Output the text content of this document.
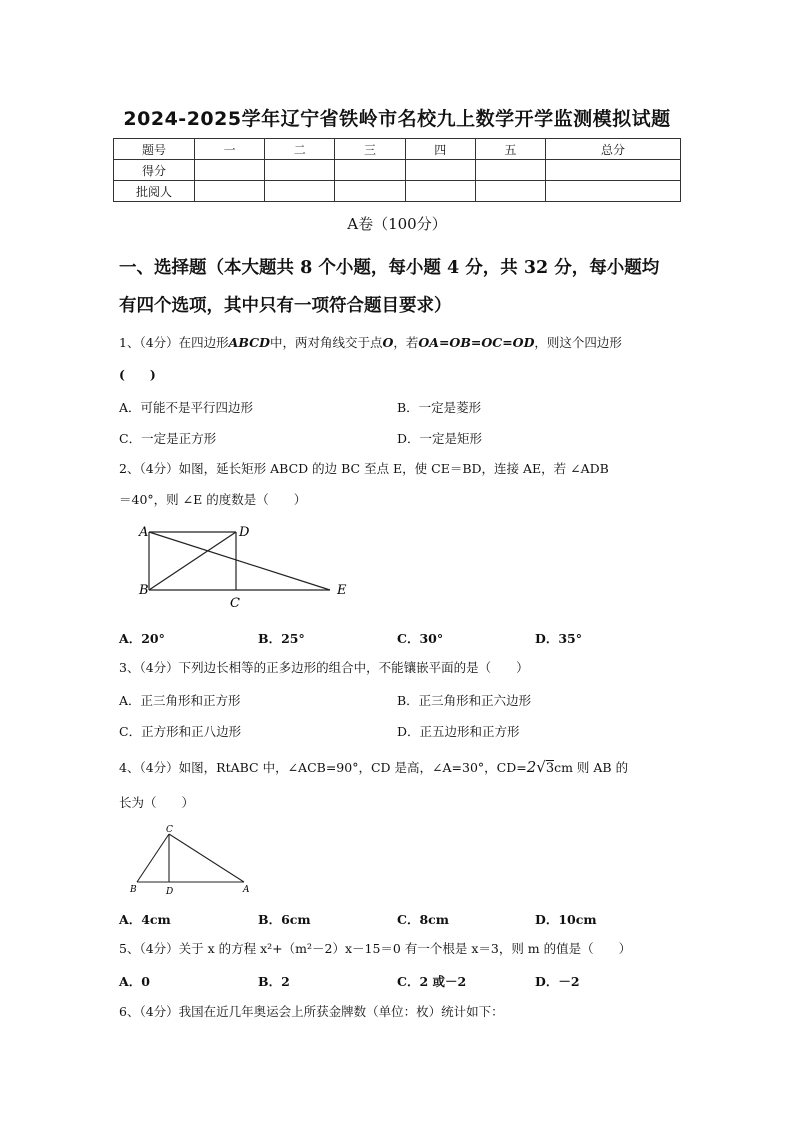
2024-2025学年辽宁省铁岭市名校九上数学开学监测模拟试题
题号	一	二	三	四	五	总分
得分						
批阅人						
A卷（100分）
一、选择题（本大题共 8 个小题，每小题 4 分，共 32 分，每小题均
有四个选项，其中只有一项符合题目要求）
1、（4分）在四边形ABCD中，两对角线交于点O，若OA=OB=OC=OD，则这个四边形
(　　)
A．可能不是平行四边形	B．一定是菱形
C．一定是正方形	D．一定是矩形
2、（4分）如图，延长矩形 ABCD 的边 BC 至点 E，使 CE＝BD，连接 AE，若 ∠ADB
＝40°，则 ∠E 的度数是（　　）
A	D
B
C
E
A．20°	B．25°	C．30°	D．35°
3、（4分）下列边长相等的正多边形的组合中，不能镶嵌平面的是（　　）
A．正三角形和正方形	B．正三角形和正六边形
C．正方形和正八边形	D．正五边形和正方形
4、（4分）如图，RtABC 中，∠ACB=90°，CD 是高，∠A=30°，CD=2√3cm 则 AB 的
长为（　　）
C
B	D	A
A．4cm	B．6cm	C．8cm	D．10cm
5、（4分）关于 x 的方程 x²+（m²－2）x－15＝0 有一个根是 x＝3，则 m 的值是（　　）
A．0	B．2	C．2 或－2	D．－2
6、（4分）我国在近几年奥运会上所获金牌数（单位：枚）统计如下：
